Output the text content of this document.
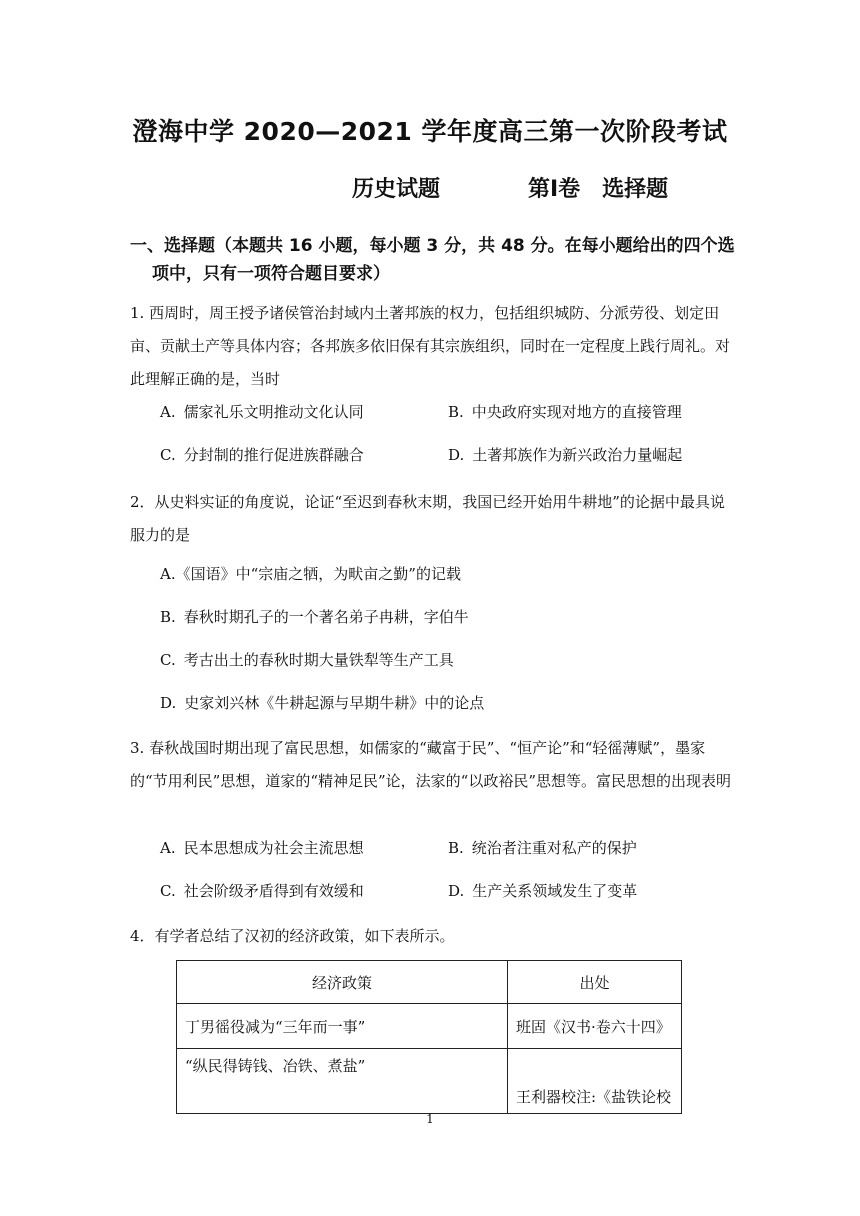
澄海中学 2020—2021 学年度高三第一次阶段考试
历史试题	第Ⅰ卷　选择题
一、选择题（本题共 16 小题，每小题 3 分，共 48 分。在每小题给出的四个选
项中，只有一项符合题目要求）
1. 西周时，周王授予诸侯管治封域内土著邦族的权力，包括组织城防、分派劳役、划定田亩、贡献土产等具体内容；各邦族多依旧保有其宗族组织，同时在一定程度上践行周礼。对此理解正确的是，当时
A. 儒家礼乐文明推动文化认同	B. 中央政府实现对地方的直接管理
C. 分封制的推行促进族群融合	D. 土著邦族作为新兴政治力量崛起
2．从史料实证的角度说，论证“至迟到春秋末期，我国已经开始用牛耕地”的论据中最具说服力的是
A.《国语》中“宗庙之牺，为畎亩之勤”的记载
B. 春秋时期孔子的一个著名弟子冉耕，字伯牛
C. 考古出土的春秋时期大量铁犁等生产工具
D. 史家刘兴林《牛耕起源与早期牛耕》中的论点
3. 春秋战国时期出现了富民思想，如儒家的“藏富于民”、“恒产论”和“轻徭薄赋”，墨家的“节用利民”思想，道家的“精神足民”论，法家的“以政裕民”思想等。富民思想的出现表明
A. 民本思想成为社会主流思想	B. 统治者注重对私产的保护
C. 社会阶级矛盾得到有效缓和	D. 生产关系领域发生了变革
4．有学者总结了汉初的经济政策，如下表所示。
经济政策	出处
丁男徭役减为“三年而一事”	班固《汉书·卷六十四》
“纵民得铸钱、冶铁、煮盐”	王利器校注:《盐铁论校
1
